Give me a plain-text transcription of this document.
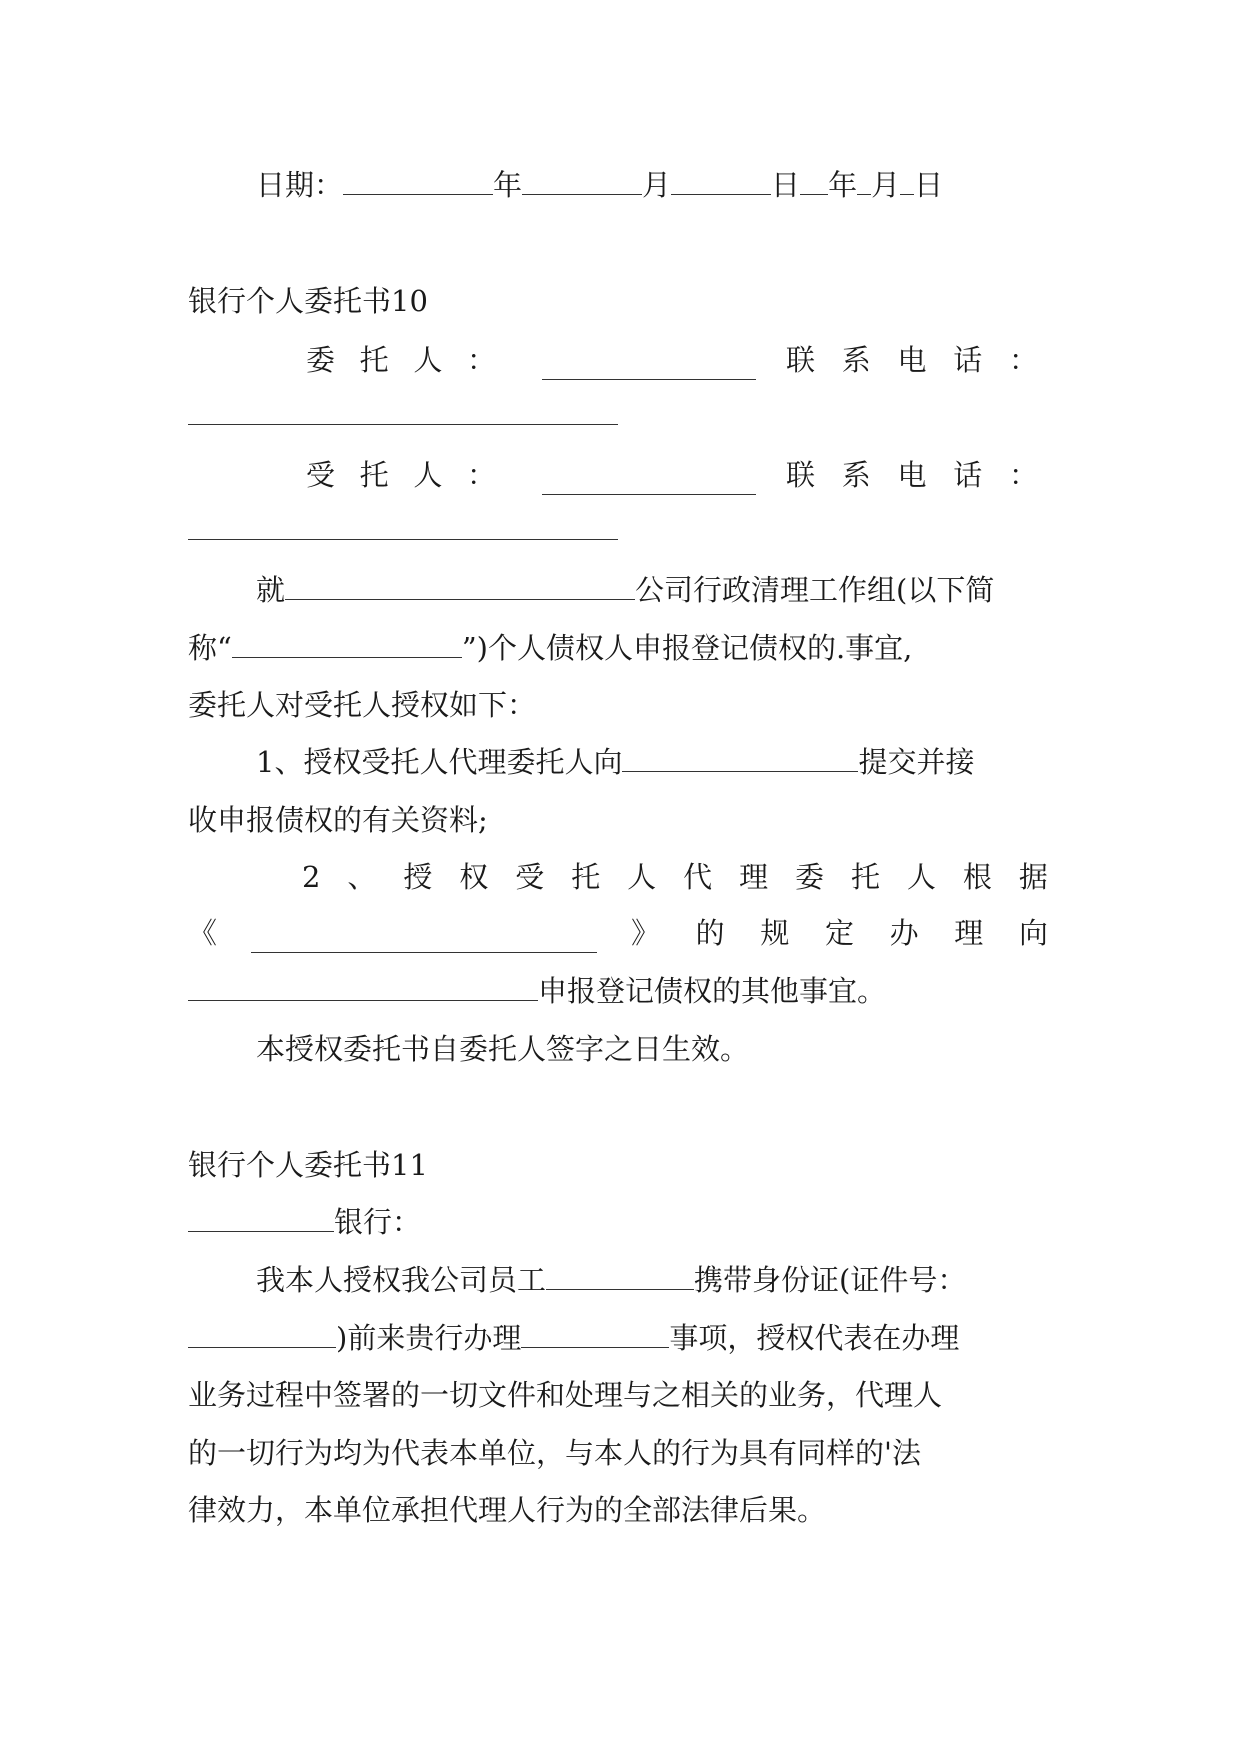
日期：	年	月	日 年 月 日
银行个人委托书10
委 托 人 ：	联 系 电 话 ：
受 托 人 ：	联 系 电 话 ：
就	公司行政清理工作组(以下简
称“	”)个人债权人申报登记债权的.事宜,
委托人对受托人授权如下：
1、授权受托人代理委托人向	提交并接
收申报债权的有关资料;
2 、 授 权 受 托 人 代 理 委 托 人 根 据
《	》 的 规 定 办 理 向
申报登记债权的其他事宜。
本授权委托书自委托人签字之日生效。
银行个人委托书11
银行：
我本人授权我公司员工	携带身份证(证件号：
)前来贵行办理	事项，授权代表在办理
业务过程中签署的一切文件和处理与之相关的业务，代理人
的一切行为均为代表本单位，与本人的行为具有同样的'法
律效力，本单位承担代理人行为的全部法律后果。
